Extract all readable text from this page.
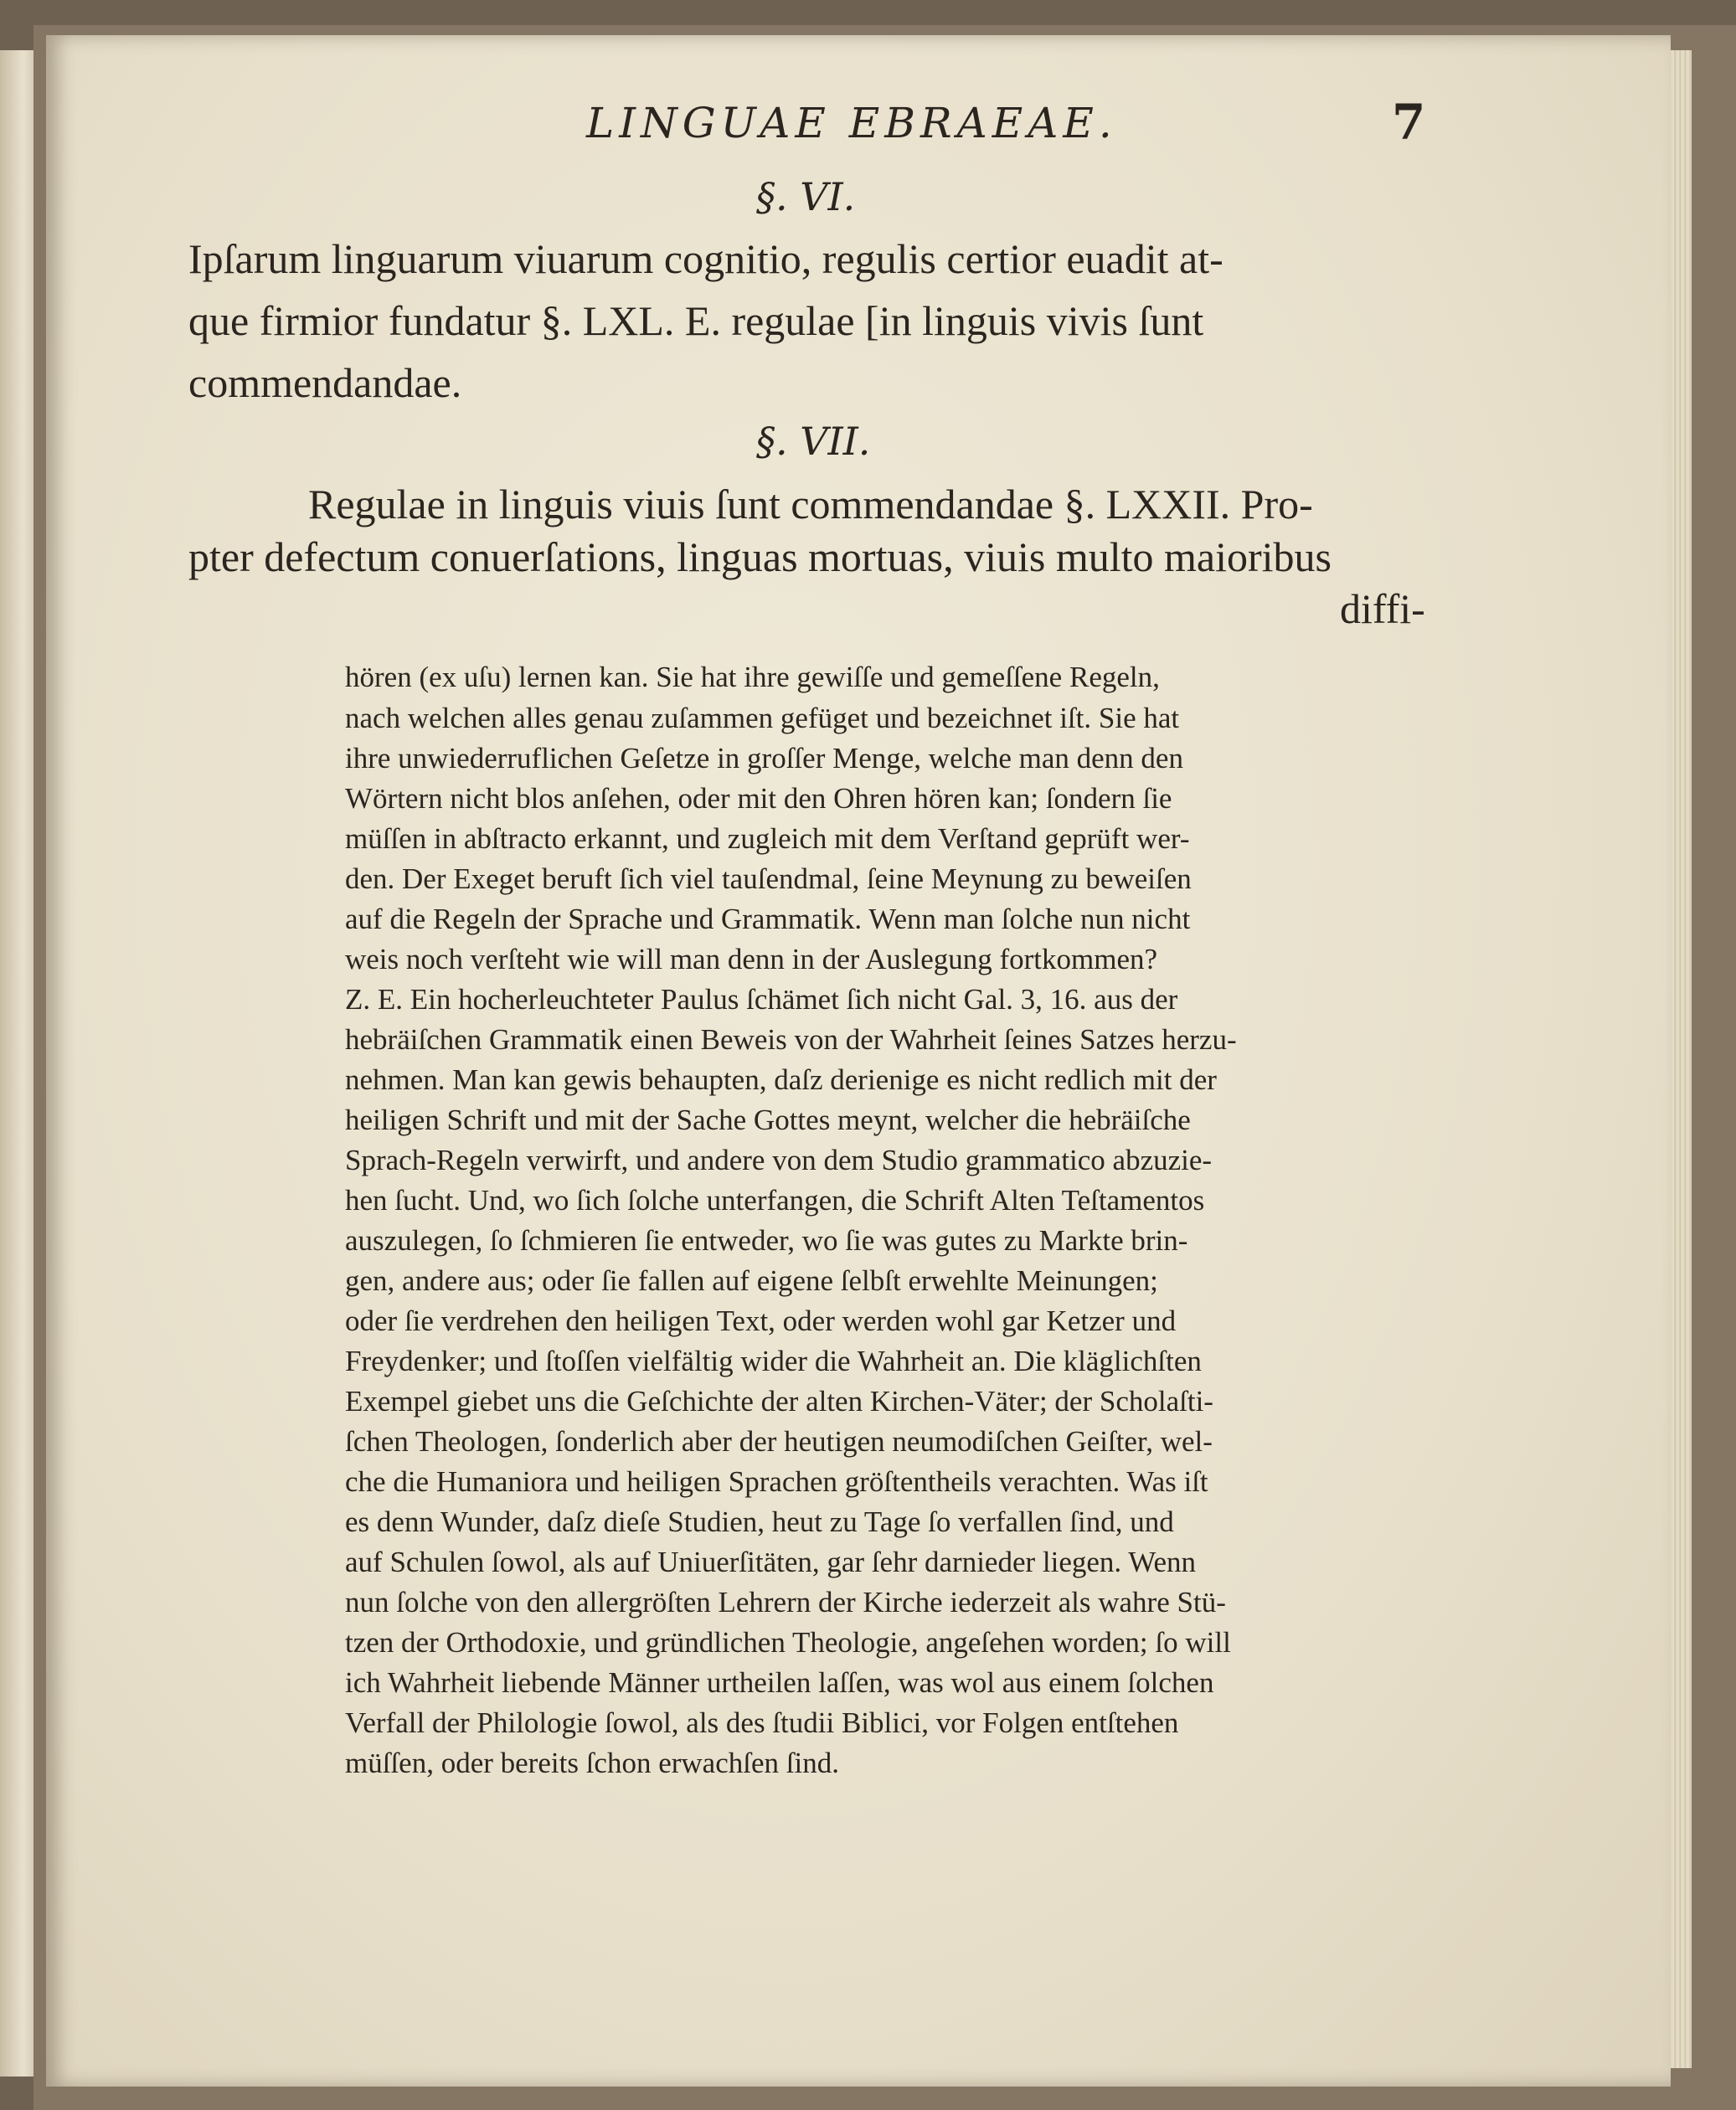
LINGUAE EBRAEAE.	7
§. VI.
Ipſarum linguarum viuarum cognitio, regulis certior euadit at-
que firmior fundatur §. LXL. E. regulae [in linguis vivis ſunt
commendandae.
§. VII.
Regulae in linguis viuis ſunt commendandae §. LXXII. Pro-
pter defectum conuerſations, linguas mortuas, viuis multo maioribus
diffi-
hören (ex uſu) lernen kan. Sie hat ihre gewiſſe und gemeſſene Regeln,
nach welchen alles genau zuſammen gefüget und bezeichnet iſt. Sie hat
ihre unwiederruflichen Geſetze in groſſer Menge, welche man denn den
Wörtern nicht blos anſehen, oder mit den Ohren hören kan; ſondern ſie
müſſen in abſtracto erkannt, und zugleich mit dem Verſtand geprüft wer-
den. Der Exeget beruft ſich viel tauſendmal, ſeine Meynung zu beweiſen
auf die Regeln der Sprache und Grammatik. Wenn man ſolche nun nicht
weis noch verſteht wie will man denn in der Auslegung fortkommen?
Z. E. Ein hocherleuchteter Paulus ſchämet ſich nicht Gal. 3, 16. aus der
hebräiſchen Grammatik einen Beweis von der Wahrheit ſeines Satzes herzu-
nehmen. Man kan gewis behaupten, daſz derienige es nicht redlich mit der
heiligen Schrift und mit der Sache Gottes meynt, welcher die hebräiſche
Sprach-Regeln verwirft, und andere von dem Studio grammatico abzuzie-
hen ſucht. Und, wo ſich ſolche unterfangen, die Schrift Alten Teſtamentos
auszulegen, ſo ſchmieren ſie entweder, wo ſie was gutes zu Markte brin-
gen, andere aus; oder ſie fallen auf eigene ſelbſt erwehlte Meinungen;
oder ſie verdrehen den heiligen Text, oder werden wohl gar Ketzer und
Freydenker; und ſtoſſen vielfältig wider die Wahrheit an. Die kläglichſten
Exempel giebet uns die Geſchichte der alten Kirchen-Väter; der Scholaſti-
ſchen Theologen, ſonderlich aber der heutigen neumodiſchen Geiſter, wel-
che die Humaniora und heiligen Sprachen gröſtentheils verachten. Was iſt
es denn Wunder, daſz dieſe Studien, heut zu Tage ſo verfallen ſind, und
auf Schulen ſowol, als auf Uniuerſitäten, gar ſehr darnieder liegen. Wenn
nun ſolche von den allergröſten Lehrern der Kirche iederzeit als wahre Stü-
tzen der Orthodoxie, und gründlichen Theologie, angeſehen worden; ſo will
ich Wahrheit liebende Männer urtheilen laſſen, was wol aus einem ſolchen
Verfall der Philologie ſowol, als des ſtudii Biblici, vor Folgen entſtehen
müſſen, oder bereits ſchon erwachſen ſind.
